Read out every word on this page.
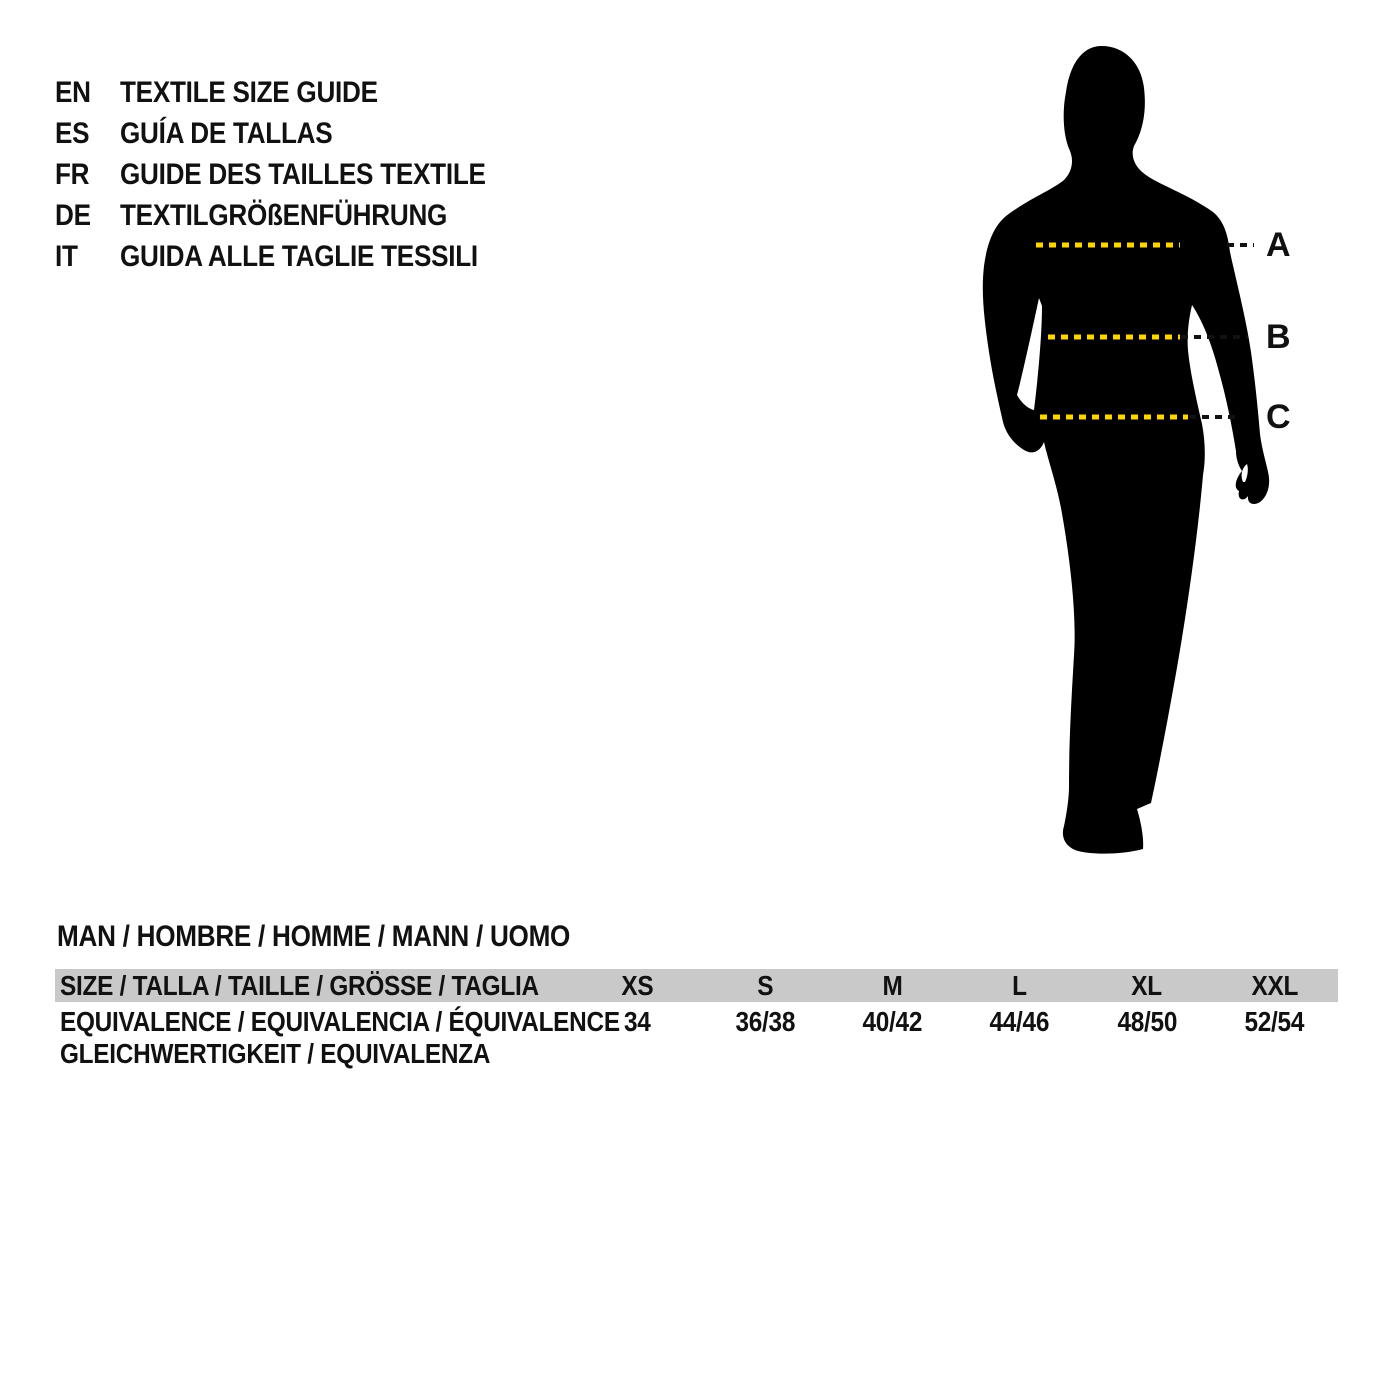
EN TEXTILE SIZE GUIDE
ES	GUÍA DE TALLAS
FR	GUIDE DES TAILLES TEXTILE
DE TEXTILGRÖßENFÜHRUNG
IT	GUIDA ALLE TAGLIE TESSILI	A
B
C
MAN / HOMBRE / HOMME / MANN / UOMO
SIZE / TALLA / TAILLE / GRÖSSE / TAGLIA	XS	S	M	L	XL	XXL
EQUIVALENCE / EQUIVALENCIA / ÉQUIVALENCE 34	36/38	40/42	44/46	48/50	52/54
GLEICHWERTIGKEIT / EQUIVALENZA
